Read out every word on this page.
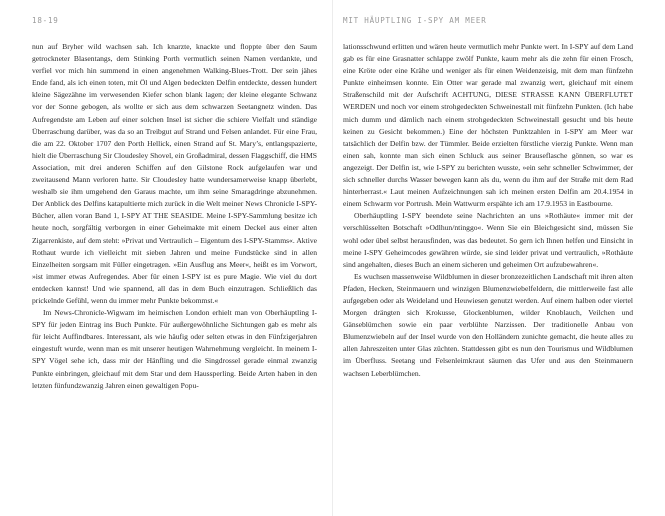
18-19

nun auf Bryher wild wachsen sah. Ich knarzte, knackte und floppte über den Saum getrockneter Blasentangs, dem Stinking Porth vermutlich seinen Namen verdankte, und verfiel vor mich hin summend in einen angenehmen Walking-Blues-Trott. Der sein jähes Ende fand, als ich einen toten, mit Öl und Algen bedeckten Delfin entdeckte, dessen hundert kleine Sägezähne im verwesenden Kiefer schon blank lagen; der kleine elegante Schwanz vor der Sonne gebogen, als wollte er sich aus dem schwarzen Seetangnetz winden. Das Aufregendste am Leben auf einer solchen Insel ist sicher die schiere Vielfalt und ständige Überraschung darüber, was da so an Treibgut auf Strand und Felsen anlandet. Für eine Frau, die am 22. Oktober 1707 den Porth Hellick, einen Strand auf St. Mary’s, entlangspazierte, hielt die Überraschung Sir Cloudesley Shovel, ein Großadmiral, dessen Flaggschiff, die HMS Association, mit drei anderen Schiffen auf den Gilstone Rock aufgelaufen war und zweitausend Mann verloren hatte. Sir Cloudesley hatte wundersamerweise knapp überlebt, weshalb sie ihm umgehend den Garaus machte, um ihm seine Smaragdringe abzunehmen. Der Anblick des Delfins katapultierte mich zurück in die Welt meiner News Chronicle I-SPY-Bücher, allen voran Band 1, I-SPY AT THE SEASIDE. Meine I-SPY-Sammlung besitze ich heute noch, sorgfältig verborgen in einer Geheimakte mit einem Deckel aus einer alten Zigarrenkiste, auf dem steht: »Privat und Vertraulich – Eigentum des I-SPY-Stamms«. Aktive Rothaut wurde ich vielleicht mit sieben Jahren und meine Fundstücke sind in allen Einzelheiten sorgsam mit Füller eingetragen. »Ein Ausflug ans Meer«, heißt es im Vorwort, »ist immer etwas Aufregendes. Aber für einen I-SPY ist es pure Magie. Wie viel du dort entdecken kannst! Und wie spannend, all das in dem Buch einzutragen. Schließlich das prickelnde Gefühl, wenn du immer mehr Punkte bekommst.«

Im News-Chronicle-Wigwam im heimischen London erhielt man von Oberhäuptling I-SPY für jeden Eintrag ins Buch Punkte. Für außergewöhnliche Sichtungen gab es mehr als für leicht Auffindbares. Interessant, als wie häufig oder selten etwas in den Fünfzigerjahren eingestuft wurde, wenn man es mit unserer heutigen Wahrnehmung vergleicht. In meinem I-SPY Vögel sehe ich, dass mir der Hänfling und die Singdrossel gerade einmal zwanzig Punkte einbringen, gleichauf mit dem Star und dem Haussperling. Beide Arten haben in den letzten fünfundzwanzig Jahren einen gewaltigen Popu-

MIT HÄUPTLING I-SPY AM MEER

lationsschwund erlitten und wären heute vermutlich mehr Punkte wert. In I-SPY auf dem Land gab es für eine Grasnatter schlappe zwölf Punkte, kaum mehr als die zehn für einen Frosch, eine Kröte oder eine Krähe und weniger als für einen Weidenzeisig, mit dem man fünfzehn Punkte einheimsen konnte. Ein Otter war gerade mal zwanzig wert, gleichauf mit einem Straßenschild mit der Aufschrift ACHTUNG, DIESE STRASSE KANN ÜBERFLUTET WERDEN und noch vor einem strohgedeckten Schweinestall mit fünfzehn Punkten. (Ich habe mich dumm und dämlich nach einem strohgedeckten Schweinestall gesucht und bis heute keinen zu Gesicht bekommen.) Eine der höchsten Punktzahlen in I-SPY am Meer war tatsächlich der Delfin bzw. der Tümmler. Beide erzielten fürstliche vierzig Punkte. Wenn man einen sah, konnte man sich einen Schluck aus seiner Brauseflasche gönnen, so war es angezeigt. Der Delfin ist, wie I-SPY zu berichten wusste, »ein sehr schneller Schwimmer, der sich schneller durchs Wasser bewegen kann als du, wenn du ihm auf der Straße mit dem Rad hinterherrast.« Laut meinen Aufzeichnungen sah ich meinen ersten Delfin am 20.4.1954 in einem Schwarm vor Portrush. Mein Wattwurm erspähte ich am 17.9.1953 in Eastbourne.

Oberhäuptling I-SPY beendete seine Nachrichten an uns »Rothäute« immer mit der verschlüsselten Botschaft »Odlhun/ntinggo«. Wenn Sie ein Bleichgesicht sind, müssen Sie wohl oder übel selbst herausfinden, was das bedeutet. So gern ich Ihnen helfen und Einsicht in meine I-SPY Geheimcodes gewähren würde, sie sind leider privat und vertraulich, »Rothäute sind angehalten, dieses Buch an einem sicheren und geheimen Ort aufzubewahren«.

Es wuchsen massenweise Wildblumen in dieser bronzezeitlichen Landschaft mit ihren alten Pfaden, Hecken, Steinmauern und winzigen Blumenzwiebelfeldern, die mittlerweile fast alle aufgegeben oder als Weideland und Heuwiesen genutzt werden. Auf einem halben oder viertel Morgen drängten sich Krokusse, Glockenblumen, wilder Knoblauch, Veilchen und Gänseblümchen sowie ein paar verblühte Narzissen. Der traditionelle Anbau von Blumenzwiebeln auf der Insel wurde von den Holländern zunichte gemacht, die heute alles zu allen Jahreszeiten unter Glas züchten. Stattdessen gibt es nun den Tourismus und Wildblumen im Überfluss. Seetang und Felsenleimkraut säumen das Ufer und aus den Steinmauern wachsen Leberblümchen.
